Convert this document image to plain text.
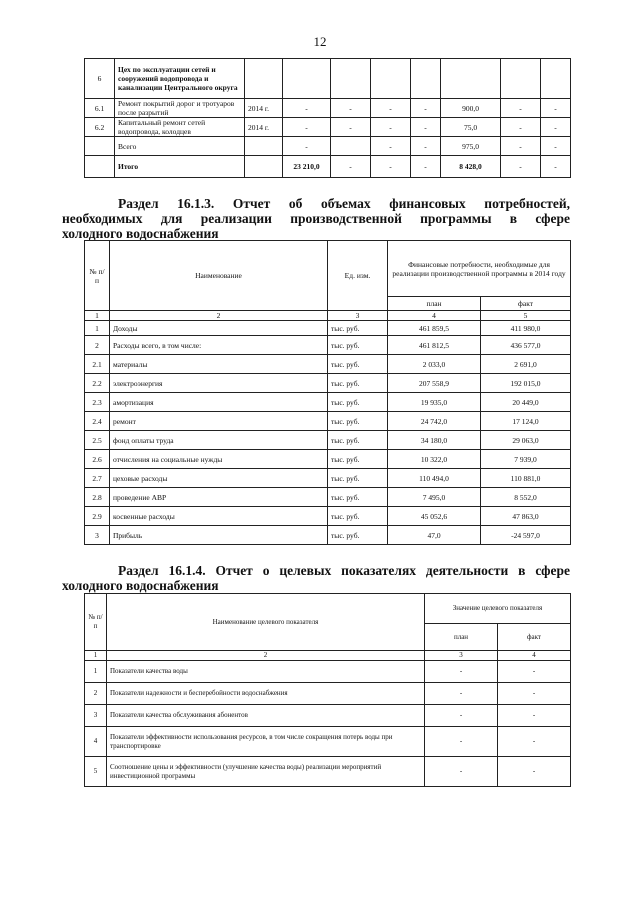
12
6	Цех по эксплуатации сетей и сооружений водопровода и канализации Центрального округа								
6.1	Ремонт покрытий дорог и тротуаров после разрытий	2014 г.	-	-	-	-	900,0	-	-
6.2	Капитальный ремонт сетей водопровода, колодцев	2014 г.	-	-	-	-	75,0	-	-
	Всего		-		-	-	975,0	-	-
	Итого		23 210,0	-	-	-	8 428,0	-	-
Раздел 16.1.3. Отчет об объемах финансовых потребностей,
необходимых для реализации производственной программы в сфере
холодного водоснабжения
№ п/п	Наименование	Ед. изм.	Финансовые потребности, необходимые для реализации производственной программы в 2014 году	
			план	факт
1	2	3	4	5
1	Доходы	тыс. руб.	461 859,5	411 980,0
2	Расходы всего, в том числе:	тыс. руб.	461 812,5	436 577,0
2.1	материалы	тыс. руб.	2 033,0	2 691,0
2.2	электроэнергия	тыс. руб.	207 558,9	192 015,0
2.3	амортизация	тыс. руб.	19 935,0	20 449,0
2.4	ремонт	тыс. руб.	24 742,0	17 124,0
2.5	фонд оплаты труда	тыс. руб.	34 180,0	29 063,0
2.6	отчисления на социальные нужды	тыс. руб.	10 322,0	7 939,0
2.7	цеховые расходы	тыс. руб.	110 494,0	110 881,0
2.8	проведение АВР	тыс. руб.	7 495,0	8 552,0
2.9	косвенные расходы	тыс. руб.	45 052,6	47 863,0
3	Прибыль	тыс. руб.	47,0	-24 597,0
Раздел 16.1.4. Отчет о целевых показателях деятельности в сфере
холодного водоснабжения
№ п/п	Наименование целевого показателя	Значение целевого показателя	
		план	факт
1	2	3	4
1	Показатели качества воды	-	-
2	Показатели надежности и бесперебойности водоснабжения	-	-
3	Показатели качества обслуживания абонентов	-	-
4	Показатели эффективности использования ресурсов, в том числе сокращения потерь воды при транспортировке	-	-
5	Соотношение цены и эффективности (улучшение качества воды) реализации мероприятий инвестиционной программы	-	-
